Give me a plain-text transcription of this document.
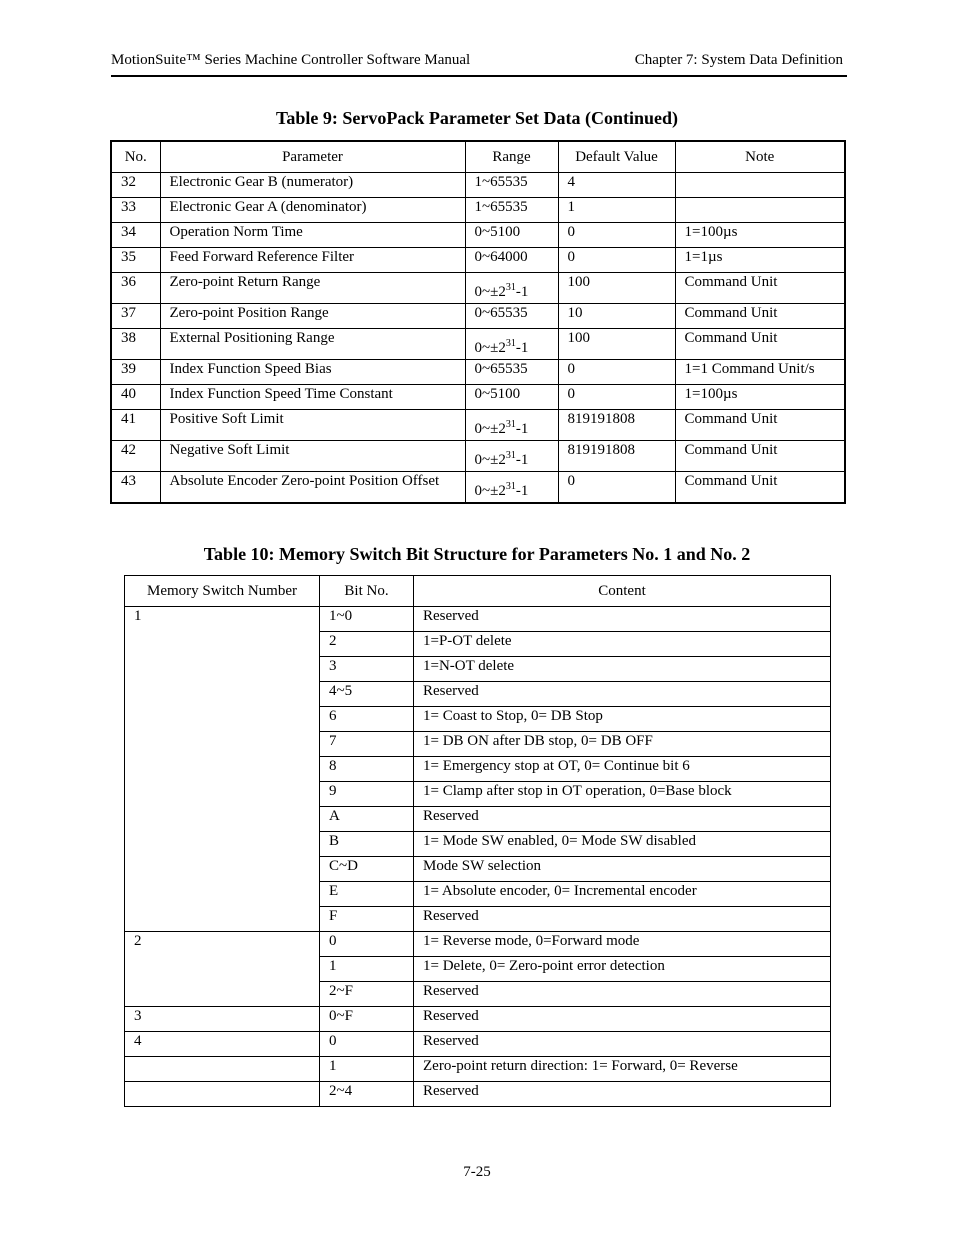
MotionSuite™ Series Machine Controller Software Manual	Chapter 7: System Data Definition
Table 9: ServoPack Parameter Set Data (Continued)
No.	Parameter	Range	Default Value	Note
32	Electronic Gear B (numerator)	1~65535	4	
33	Electronic Gear A (denominator)	1~65535	1	
34	Operation Norm Time	0~5100	0	1=100µs
35	Feed Forward Reference Filter	0~64000	0	1=1µs
36	Zero-point Return Range	$0\sim\pm 2^{31}-1$	100	Command Unit
37	Zero-point Position Range	0~65535	10	Command Unit
38	External Positioning Range	$0\sim\pm 2^{31}-1$	100	Command Unit
39	Index Function Speed Bias	0~65535	0	1=1 Command Unit/s
40	Index Function Speed Time Constant	0~5100	0	1=100µs
41	Positive Soft Limit	$0\sim\pm 2^{31}-1$	819191808	Command Unit
42	Negative Soft Limit	$0\sim\pm 2^{31}-1$	819191808	Command Unit
43	Absolute Encoder Zero-point Position Offset	$0\sim\pm 2^{31}-1$	0	Command Unit
Table 10: Memory Switch Bit Structure for Parameters No. 1 and No. 2
Memory Switch Number	Bit No.	Content
1	1~0	Reserved
	2	1=P-OT delete
	3	1=N-OT delete
	4~5	Reserved
	6	1= Coast to Stop, 0= DB Stop
	7	1= DB ON after DB stop, 0= DB OFF
	8	1= Emergency stop at OT, 0= Continue bit 6
	9	1= Clamp after stop in OT operation, 0=Base block
	A	Reserved
	B	1= Mode SW enabled, 0= Mode SW disabled
	C~D	Mode SW selection
	E	1= Absolute encoder, 0= Incremental encoder
	F	Reserved
2	0	1= Reverse mode, 0=Forward mode
	1	1= Delete, 0= Zero-point error detection
	2~F	Reserved
3	0~F	Reserved
4	0	Reserved
	1	Zero-point return direction: 1= Forward, 0= Reverse
	2~4	Reserved
7-25
